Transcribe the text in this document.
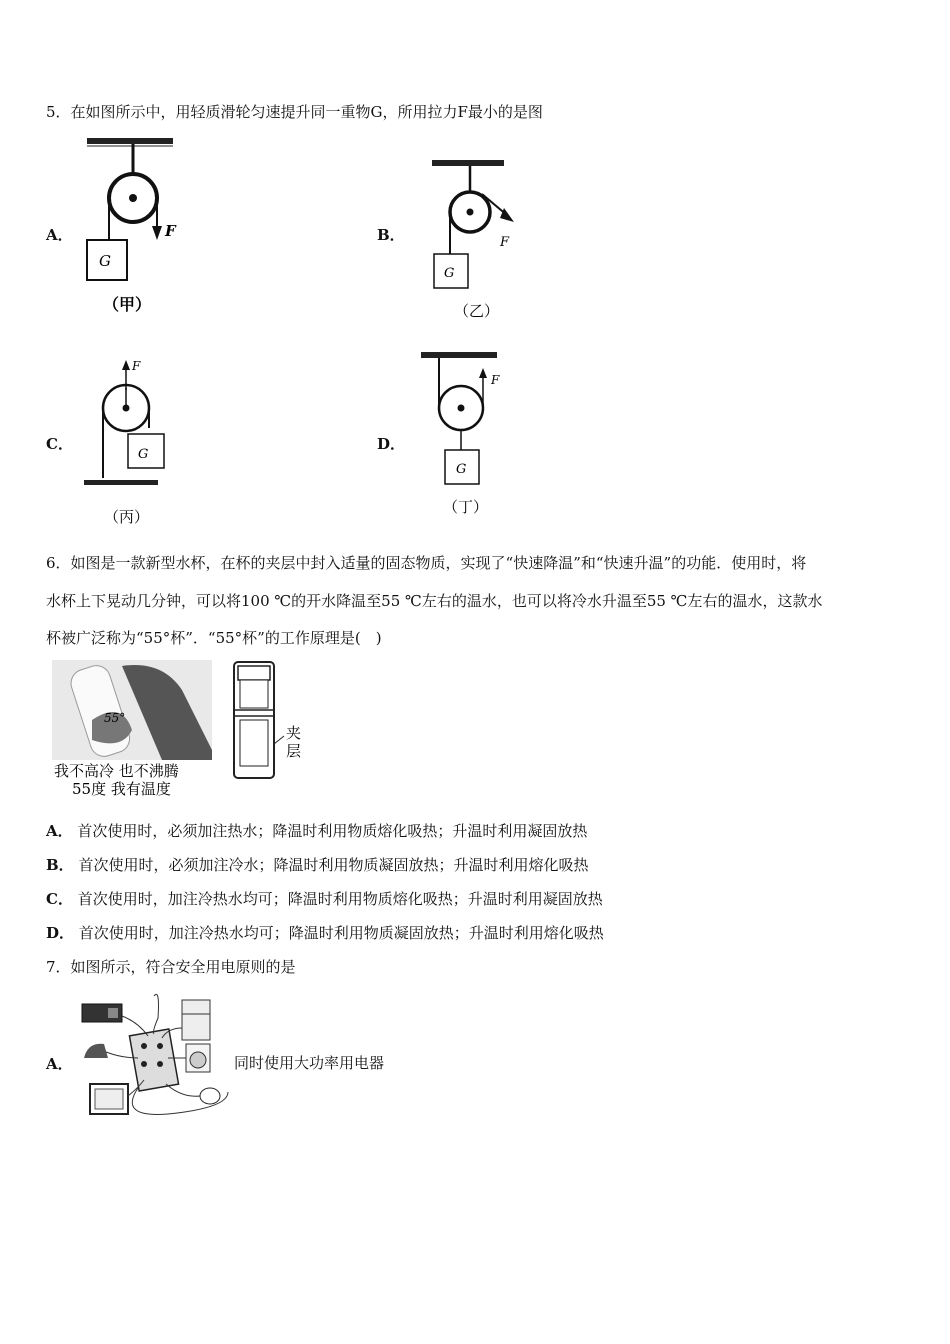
5．在如图所示中，用轻质滑轮匀速提升同一重物G，所用拉力F最小的是图
A．	F
G
（甲）
B．	F
G
（乙）
C．
F
G
（丙）
D．
F
G
（丁）
6．如图是一款新型水杯，在杯的夹层中封入适量的固态物质，实现了“快速降温”和“快速升温”的功能．使用时，将
水杯上下晃动几分钟，可以将100 ℃的开水降温至55 ℃左右的温水，也可以将冷水升温至55 ℃左右的温水，这款水
杯被广泛称为“55°杯”．“55°杯”的工作原理是(　)
55°
我不高冷 也不沸腾
55度 我有温度
夹
层
A． 首次使用时，必须加注热水；降温时利用物质熔化吸热；升温时利用凝固放热
B． 首次使用时，必须加注冷水；降温时利用物质凝固放热；升温时利用熔化吸热
C． 首次使用时，加注冷热水均可；降温时利用物质熔化吸热；升温时利用凝固放热
D． 首次使用时，加注冷热水均可；降温时利用物质凝固放热；升温时利用熔化吸热
7．如图所示，符合安全用电原则的是
A．	同时使用大功率用电器
